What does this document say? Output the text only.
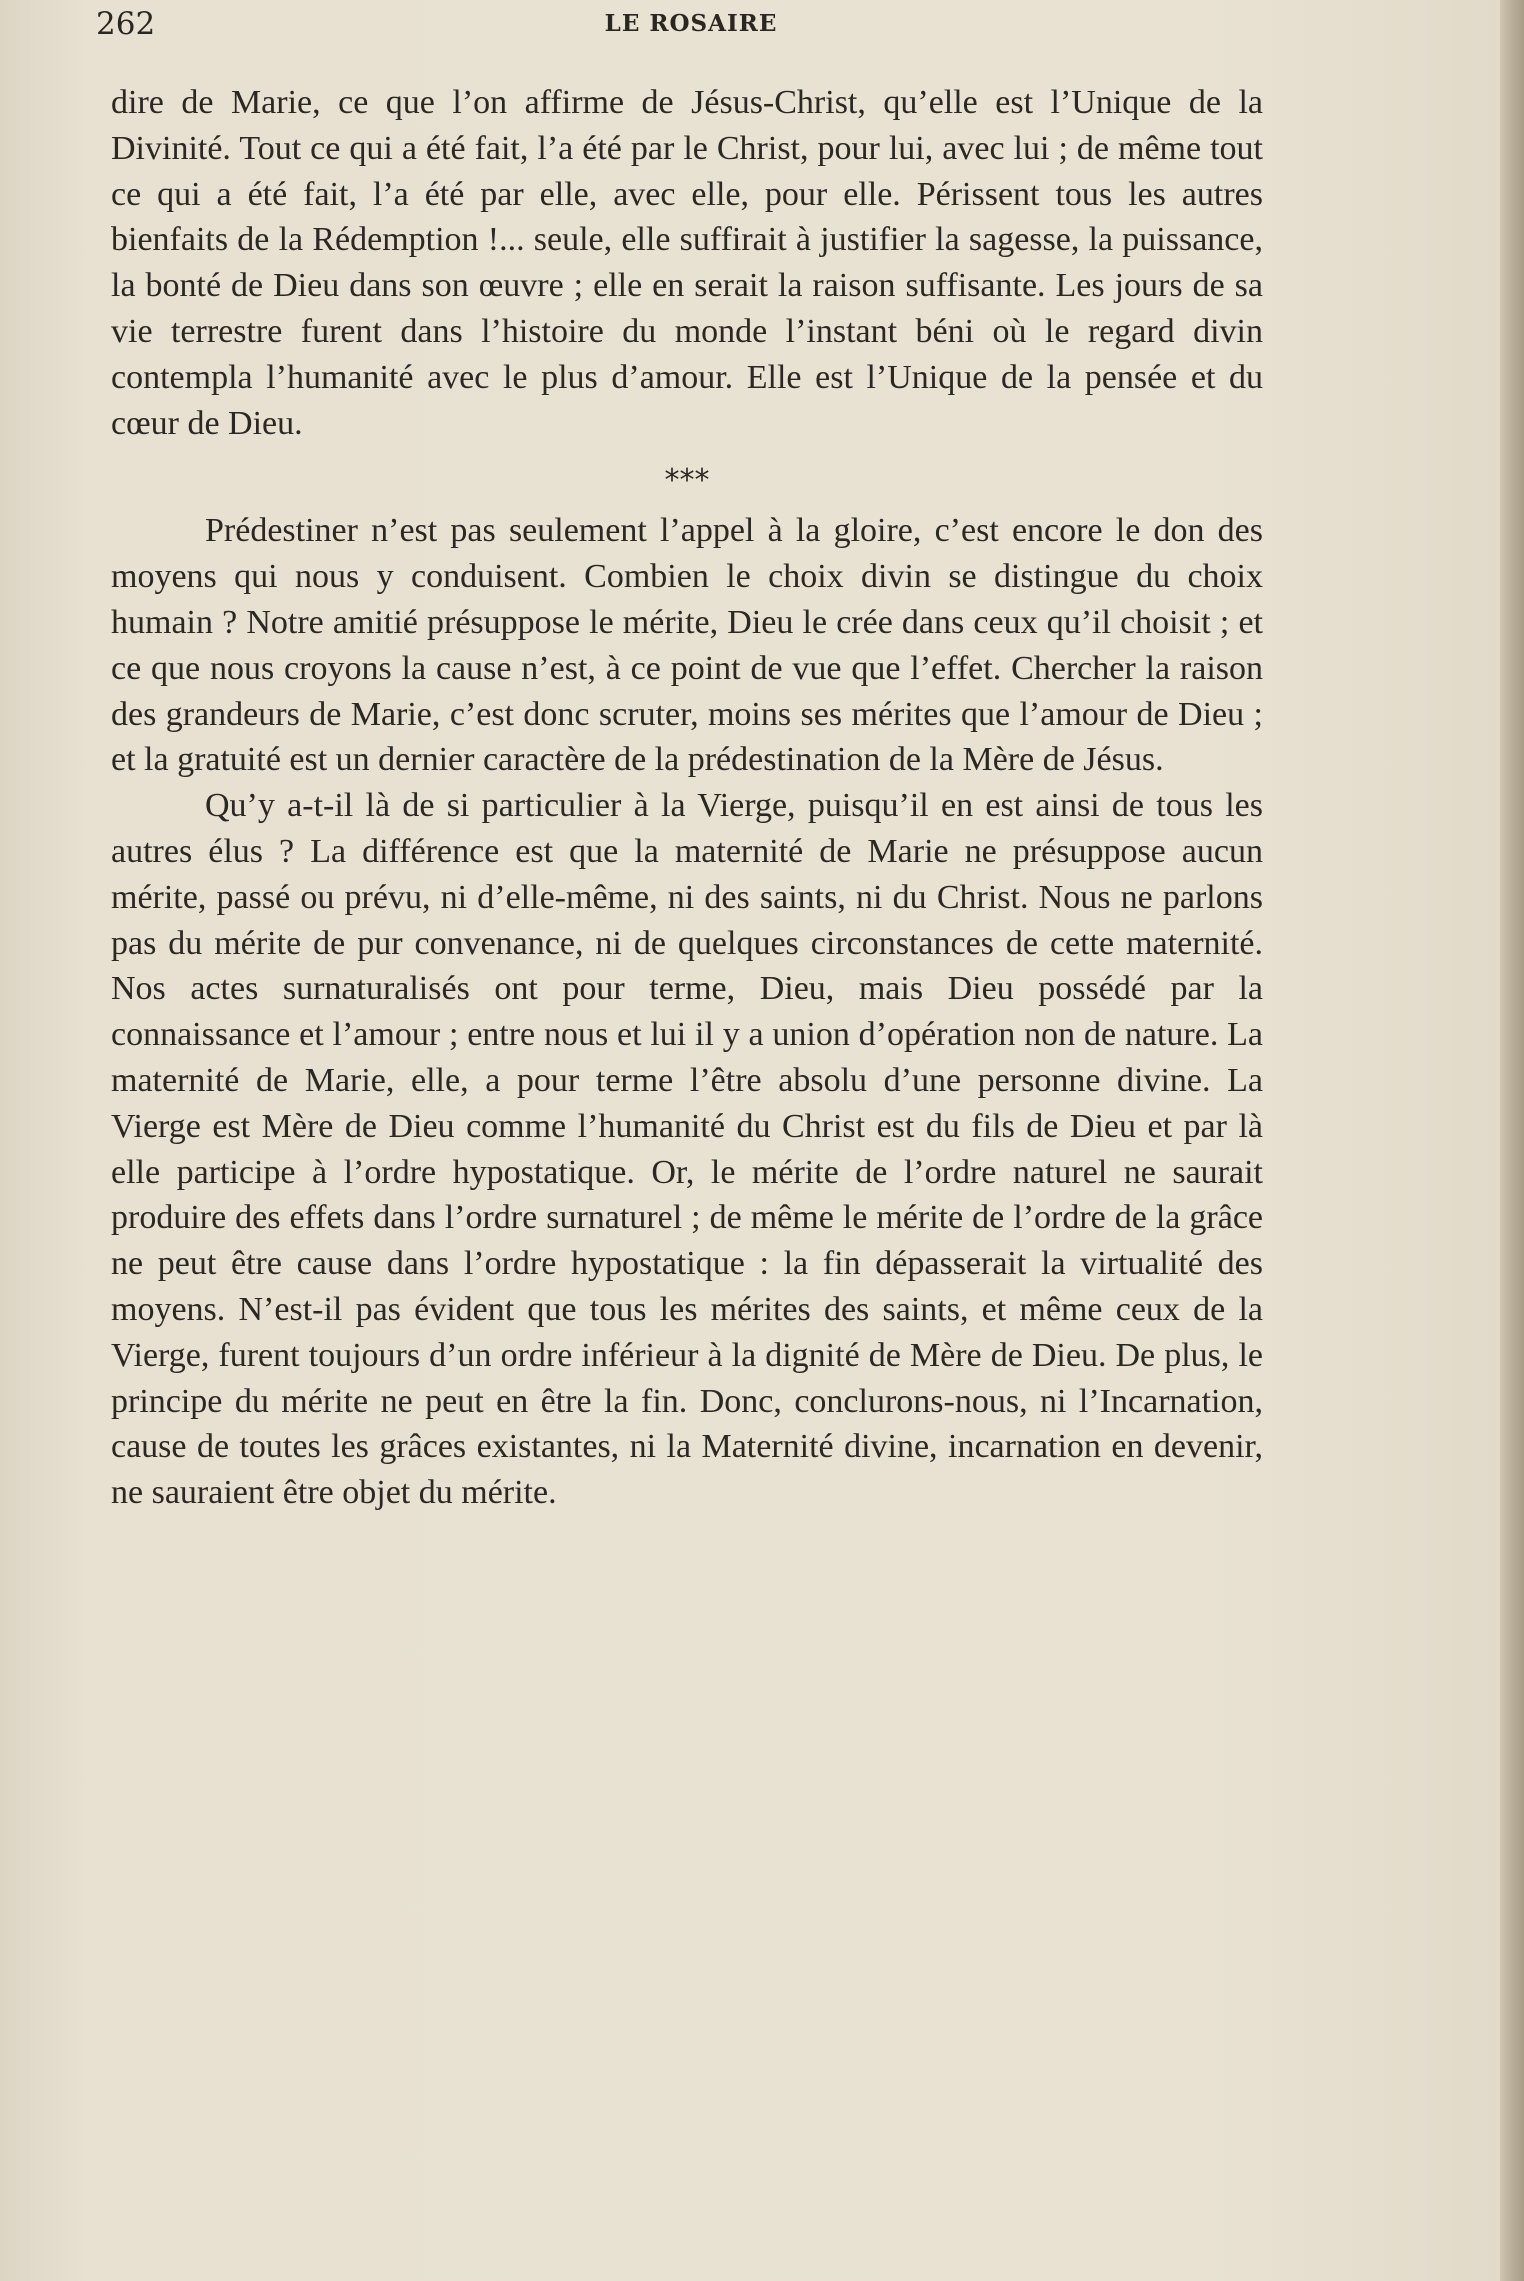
262	LE ROSAIRE

dire de Marie, ce que l’on affirme de Jésus-Christ, qu’elle est l’Unique de la Divinité. Tout ce qui a été fait, l’a été par le Christ, pour lui, avec lui ; de même tout ce qui a été fait, l’a été par elle, avec elle, pour elle. Périssent tous les autres bienfaits de la Rédemption !... seule, elle suffirait à justifier la sagesse, la puissance, la bonté de Dieu dans son œuvre ; elle en serait la raison suffisante. Les jours de sa vie terrestre furent dans l’histoire du monde l’instant béni où le regard divin contempla l’humanité avec le plus d’amour. Elle est l’Unique de la pensée et du cœur de Dieu.

***

Prédestiner n’est pas seulement l’appel à la gloire, c’est encore le don des moyens qui nous y conduisent. Combien le choix divin se distingue du choix humain ? Notre amitié présuppose le mérite, Dieu le crée dans ceux qu’il choisit ; et ce que nous croyons la cause n’est, à ce point de vue que l’effet. Chercher la raison des grandeurs de Marie, c’est donc scruter, moins ses mérites que l’amour de Dieu ; et la gratuité est un dernier caractère de la prédestination de la Mère de Jésus.

Qu’y a-t-il là de si particulier à la Vierge, puisqu’il en est ainsi de tous les autres élus ? La différence est que la maternité de Marie ne présuppose aucun mérite, passé ou prévu, ni d’elle-même, ni des saints, ni du Christ. Nous ne parlons pas du mérite de pur convenance, ni de quelques circonstances de cette maternité. Nos actes surnaturalisés ont pour terme, Dieu, mais Dieu possédé par la connaissance et l’amour ; entre nous et lui il y a union d’opération non de nature. La maternité de Marie, elle, a pour terme l’être absolu d’une personne divine. La Vierge est Mère de Dieu comme l’humanité du Christ est du fils de Dieu et par là elle participe à l’ordre hypostatique. Or, le mérite de l’ordre naturel ne saurait produire des effets dans l’ordre surnaturel ; de même le mérite de l’ordre de la grâce ne peut être cause dans l’ordre hypostatique : la fin dépasserait la virtualité des moyens. N’est-il pas évident que tous les mérites des saints, et même ceux de la Vierge, furent toujours d’un ordre inférieur à la dignité de Mère de Dieu. De plus, le principe du mérite ne peut en être la fin. Donc, conclurons-nous, ni l’Incarnation, cause de toutes les grâces existantes, ni la Maternité divine, incarnation en devenir, ne sauraient être objet du mérite.
